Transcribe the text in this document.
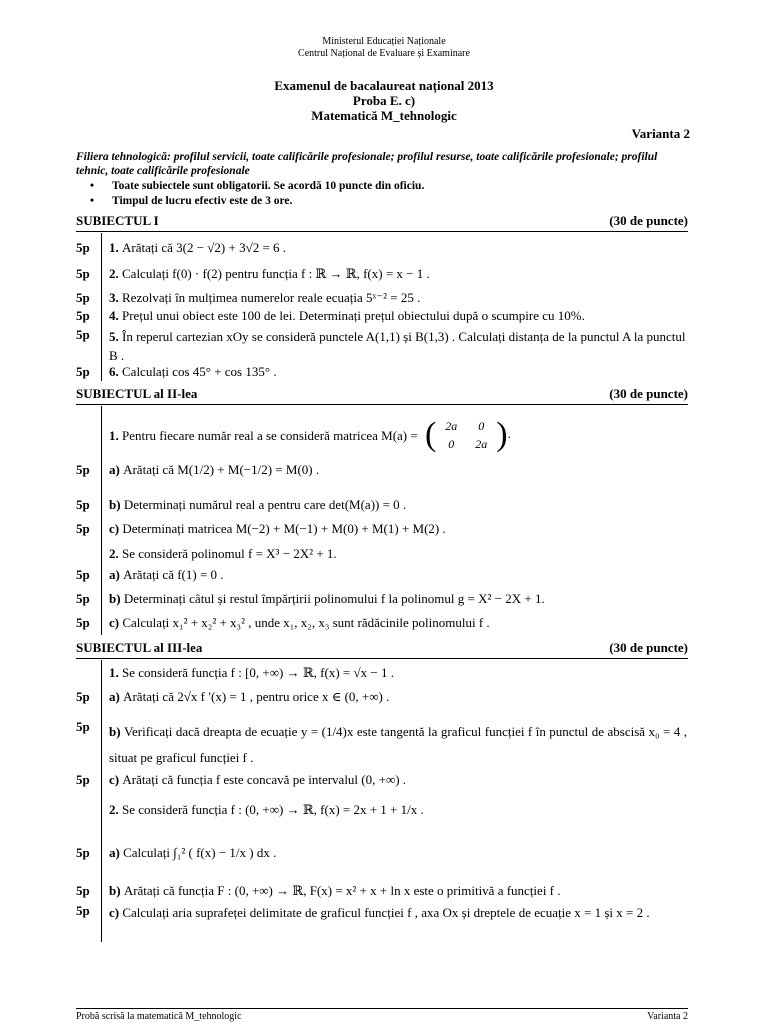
Ministerul Educației Naționale
Centrul Național de Evaluare și Examinare
Examenul de bacalaureat național 2013
Proba E. c)
Matematică M_tehnologic
Varianta 2
Filiera tehnologică: profilul servicii, toate calificările profesionale; profilul resurse, toate calificările profesionale; profilul tehnic, toate calificările profesionale
• Toate subiectele sunt obligatorii. Se acordă 10 puncte din oficiu.
• Timpul de lucru efectiv este de 3 ore.
SUBIECTUL I	(30 de puncte)
5p	1. Arătați că 3(2 − √2) + 3√2 = 6 .
5p	2. Calculați f(0) · f(2) pentru funcția f : ℝ → ℝ, f(x) = x − 1 .
5p	3. Rezolvați în mulțimea numerelor reale ecuația 5ˣ⁻² = 25 .
5p	4. Prețul unui obiect este 100 de lei. Determinați prețul obiectului după o scumpire cu 10%.
5p	5. În reperul cartezian xOy se consideră punctele A(1,1) și B(1,3) . Calculați distanța de la punctul A la punctul B .
5p	6. Calculați cos 45° + cos 135° .
SUBIECTUL al II-lea	(30 de puncte)
1. Pentru fiecare număr real a se consideră matricea M(a) = ( 2a	0
0	2a ).
5p	a) Arătați că M(1/2) + M(−1/2) = M(0) .
5p	b) Determinați numărul real a pentru care det(M(a)) = 0 .
5p	c) Determinați matricea M(−2) + M(−1) + M(0) + M(1) + M(2) .
2. Se consideră polinomul f = X³ − 2X² + 1.
5p	a) Arătați că f(1) = 0 .
5p	b) Determinați câtul și restul împărțirii polinomului f la polinomul g = X² − 2X + 1.
5p	c) Calculați x₁² + x₂² + x₃² , unde x₁, x₂, x₃ sunt rădăcinile polinomului f .
SUBIECTUL al III-lea	(30 de puncte)
1. Se consideră funcția f : [0, +∞) → ℝ, f(x) = √x − 1 .
5p	a) Arătați că 2√x f ′(x) = 1 , pentru orice x ∈ (0, +∞) .
5p	b) Verificați dacă dreapta de ecuație y = (1/4)x este tangentă la graficul funcției f în punctul de abscisă x₀ = 4 , situat pe graficul funcției f .
5p	c) Arătați că funcția f este concavă pe intervalul (0, +∞) .
2. Se consideră funcția f : (0, +∞) → ℝ, f(x) = 2x + 1 + 1/x .
5p	a) Calculați ∫₁² ( f(x) − 1/x ) dx .
5p	b) Arătați că funcția F : (0, +∞) → ℝ, F(x) = x² + x + ln x este o primitivă a funcției f .
5p	c) Calculați aria suprafeței delimitate de graficul funcției f , axa Ox și dreptele de ecuație x = 1 și x = 2 .
Probă scrisă la matematică M_tehnologic	Varianta 2
